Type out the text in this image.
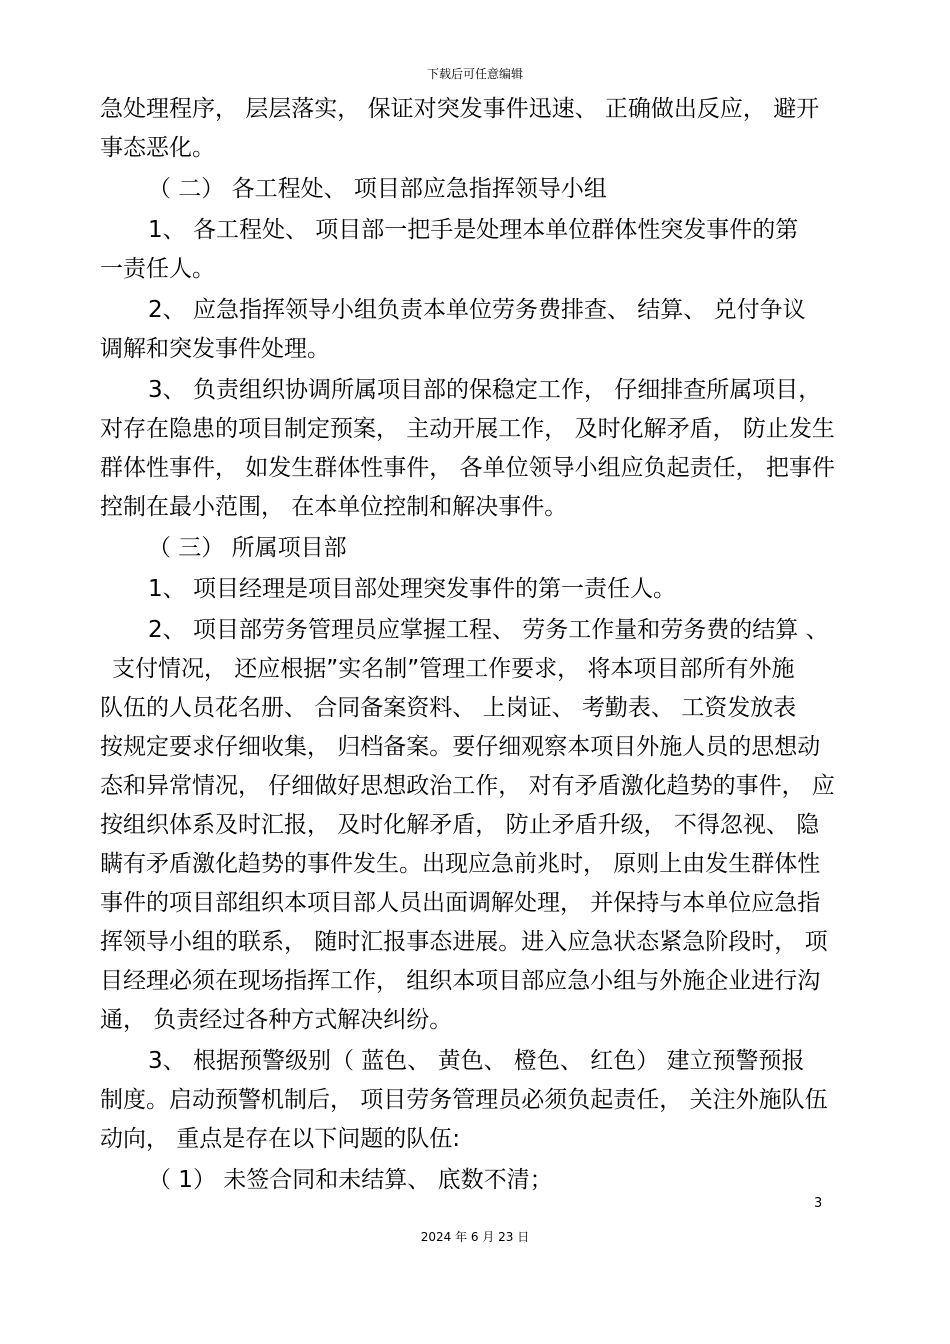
下载后可任意编辑
急处理程序， 层层落实， 保证对突发事件迅速、 正确做出反应， 避开
事态恶化。
（ 二） 各工程处、 项目部应急指挥领导小组
1、 各工程处、 项目部一把手是处理本单位群体性突发事件的第
一责任人。
2、 应急指挥领导小组负责本单位劳务费排查、 结算、 兑付争议
调解和突发事件处理。
3、 负责组织协调所属项目部的保稳定工作， 仔细排查所属项目，
对存在隐患的项目制定预案， 主动开展工作， 及时化解矛盾， 防止发生
群体性事件， 如发生群体性事件， 各单位领导小组应负起责任， 把事件
控制在最小范围， 在本单位控制和解决事件。
（ 三） 所属项目部
1、 项目经理是项目部处理突发事件的第一责任人。
2、 项目部劳务管理员应掌握工程、 劳务工作量和劳务费的结算 、
支付情况， 还应根据”实名制”管理工作要求， 将本项目部所有外施
队伍的人员花名册、 合同备案资料、 上岗证、 考勤表、 工资发放表
按规定要求仔细收集， 归档备案。要仔细观察本项目外施人员的思想动
态和异常情况， 仔细做好思想政治工作， 对有矛盾激化趋势的事件， 应
按组织体系及时汇报， 及时化解矛盾， 防止矛盾升级， 不得忽视、 隐
瞒有矛盾激化趋势的事件发生。出现应急前兆时， 原则上由发生群体性
事件的项目部组织本项目部人员出面调解处理， 并保持与本单位应急指
挥领导小组的联系， 随时汇报事态进展。进入应急状态紧急阶段时， 项
目经理必须在现场指挥工作， 组织本项目部应急小组与外施企业进行沟
通， 负责经过各种方式解决纠纷。
3、 根据预警级别（ 蓝色、 黄色、 橙色、 红色） 建立预警预报
制度。启动预警机制后， 项目劳务管理员必须负起责任， 关注外施队伍
动向， 重点是存在以下问题的队伍:
（ 1） 未签合同和未结算、 底数不清；
3
2024 年 6 月 23 日
